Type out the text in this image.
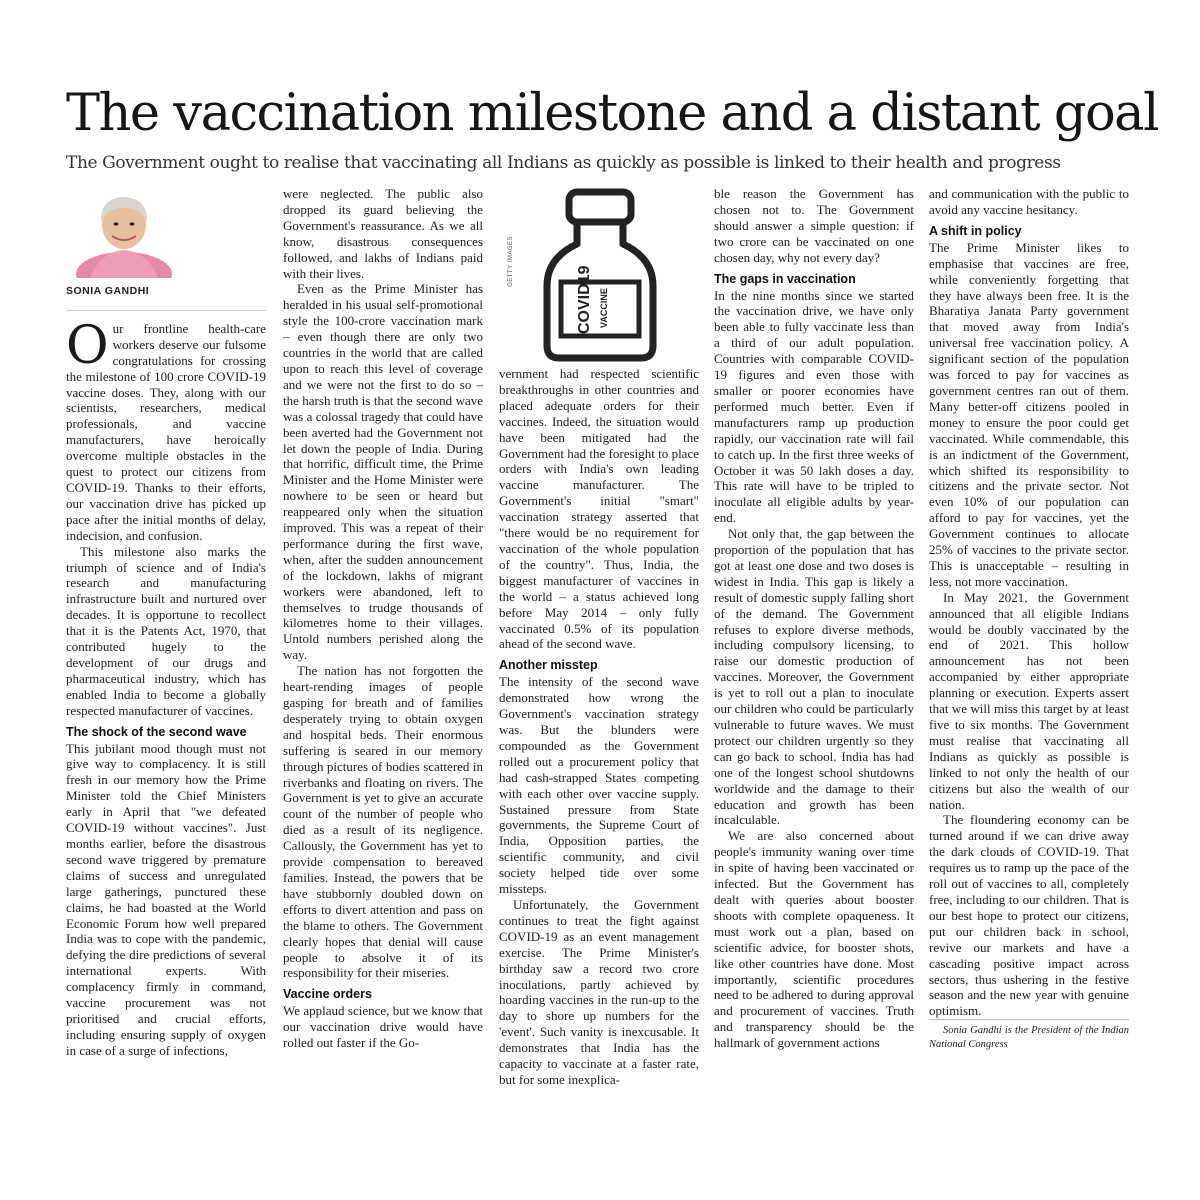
The vaccination milestone and a distant goal
The Government ought to realise that vaccinating all Indians as quickly as possible is linked to their health and progress
SONIA GANDHI

Our frontline health-care workers deserve our fulsome congratulations for crossing the milestone of 100 crore COVID-19 vaccine doses. They, along with our scientists, researchers, medical professionals, and vaccine manufacturers, have heroically overcome multiple obstacles in the quest to protect our citizens from COVID-19. Thanks to their efforts, our vaccination drive has picked up pace after the initial months of delay, indecision, and confusion.

This milestone also marks the triumph of science and of India's research and manufacturing infrastructure built and nurtured over decades. It is opportune to recollect that it is the Patents Act, 1970, that contributed hugely to the development of our drugs and pharmaceutical industry, which has enabled India to become a globally respected manufacturer of vaccines.

The shock of the second wave

This jubilant mood though must not give way to complacency. It is still fresh in our memory how the Prime Minister told the Chief Ministers early in April that "we defeated COVID-19 without vaccines". Just months earlier, before the disastrous second wave triggered by premature claims of success and unregulated large gatherings, punctured these claims, he had boasted at the World Economic Forum how well prepared India was to cope with the pandemic, defying the dire predictions of several international experts. With complacency firmly in command, vaccine procurement was not prioritised and crucial efforts, including ensuring supply of oxygen in case of a surge of infections,

were neglected. The public also dropped its guard believing the Government's reassurance. As we all know, disastrous consequences followed, and lakhs of Indians paid with their lives.

Even as the Prime Minister has heralded in his usual self-promotional style the 100-crore vaccination mark – even though there are only two countries in the world that are called upon to reach this level of coverage and we were not the first to do so – the harsh truth is that the second wave was a colossal tragedy that could have been averted had the Government not let down the people of India. During that horrific, difficult time, the Prime Minister and the Home Minister were nowhere to be seen or heard but reappeared only when the situation improved. This was a repeat of their performance during the first wave, when, after the sudden announcement of the lockdown, lakhs of migrant workers were abandoned, left to themselves to trudge thousands of kilometres home to their villages. Untold numbers perished along the way.

The nation has not forgotten the heart-rending images of people gasping for breath and of families desperately trying to obtain oxygen and hospital beds. Their enormous suffering is seared in our memory through pictures of bodies scattered in riverbanks and floating on rivers. The Government is yet to give an accurate count of the number of people who died as a result of its negligence. Callously, the Government has yet to provide compensation to bereaved families. Instead, the powers that be have stubbornly doubled down on efforts to divert attention and pass on the blame to others. The Government clearly hopes that denial will cause people to absolve it of its responsibility for their miseries.

Vaccine orders

We applaud science, but we know that our vaccination drive would have rolled out faster if the Go-

GETTY IMAGES
COVID19 VACCINE

vernment had respected scientific breakthroughs in other countries and placed adequate orders for their vaccines. Indeed, the situation would have been mitigated had the Government had the foresight to place orders with India's own leading vaccine manufacturer. The Government's initial "smart" vaccination strategy asserted that "there would be no requirement for vaccination of the whole population of the country". Thus, India, the biggest manufacturer of vaccines in the world – a status achieved long before May 2014 – only fully vaccinated 0.5% of its population ahead of the second wave.

Another misstep

The intensity of the second wave demonstrated how wrong the Government's vaccination strategy was. But the blunders were compounded as the Government rolled out a procurement policy that had cash-strapped States competing with each other over vaccine supply. Sustained pressure from State governments, the Supreme Court of India, Opposition parties, the scientific community, and civil society helped tide over some missteps.

Unfortunately, the Government continues to treat the fight against COVID-19 as an event management exercise. The Prime Minister's birthday saw a record two crore inoculations, partly achieved by hoarding vaccines in the run-up to the day to shore up numbers for the 'event'. Such vanity is inexcusable. It demonstrates that India has the capacity to vaccinate at a faster rate, but for some inexplica-

ble reason the Government has chosen not to. The Government should answer a simple question: if two crore can be vaccinated on one chosen day, why not every day?

The gaps in vaccination

In the nine months since we started the vaccination drive, we have only been able to fully vaccinate less than a third of our adult population. Countries with comparable COVID-19 figures and even those with smaller or poorer economies have performed much better. Even if manufacturers ramp up production rapidly, our vaccination rate will fail to catch up. In the first three weeks of October it was 50 lakh doses a day. This rate will have to be tripled to inoculate all eligible adults by year-end.

Not only that, the gap between the proportion of the population that has got at least one dose and two doses is widest in India. This gap is likely a result of domestic supply falling short of the demand. The Government refuses to explore diverse methods, including compulsory licensing, to raise our domestic production of vaccines. Moreover, the Government is yet to roll out a plan to inoculate our children who could be particularly vulnerable to future waves. We must protect our children urgently so they can go back to school. India has had one of the longest school shutdowns worldwide and the damage to their education and growth has been incalculable.

We are also concerned about people's immunity waning over time in spite of having been vaccinated or infected. But the Government has dealt with queries about booster shoots with complete opaqueness. It must work out a plan, based on scientific advice, for booster shots, like other countries have done. Most importantly, scientific procedures need to be adhered to during approval and procurement of vaccines. Truth and transparency should be the hallmark of government actions

and communication with the public to avoid any vaccine hesitancy.

A shift in policy

The Prime Minister likes to emphasise that vaccines are free, while conveniently forgetting that they have always been free. It is the Bharatiya Janata Party government that moved away from India's universal free vaccination policy. A significant section of the population was forced to pay for vaccines as government centres ran out of them. Many better-off citizens pooled in money to ensure the poor could get vaccinated. While commendable, this is an indictment of the Government, which shifted its responsibility to citizens and the private sector. Not even 10% of our population can afford to pay for vaccines, yet the Government continues to allocate 25% of vaccines to the private sector. This is unacceptable – resulting in less, not more vaccination.

In May 2021, the Government announced that all eligible Indians would be doubly vaccinated by the end of 2021. This hollow announcement has not been accompanied by either appropriate planning or execution. Experts assert that we will miss this target by at least five to six months. The Government must realise that vaccinating all Indians as quickly as possible is linked to not only the health of our citizens but also the wealth of our nation.

The floundering economy can be turned around if we can drive away the dark clouds of COVID-19. That requires us to ramp up the pace of the roll out of vaccines to all, completely free, including to our children. That is our best hope to protect our citizens, put our children back in school, revive our markets and have a cascading positive impact across sectors, thus ushering in the festive season and the new year with genuine optimism.

Sonia Gandhi is the President of the Indian National Congress
